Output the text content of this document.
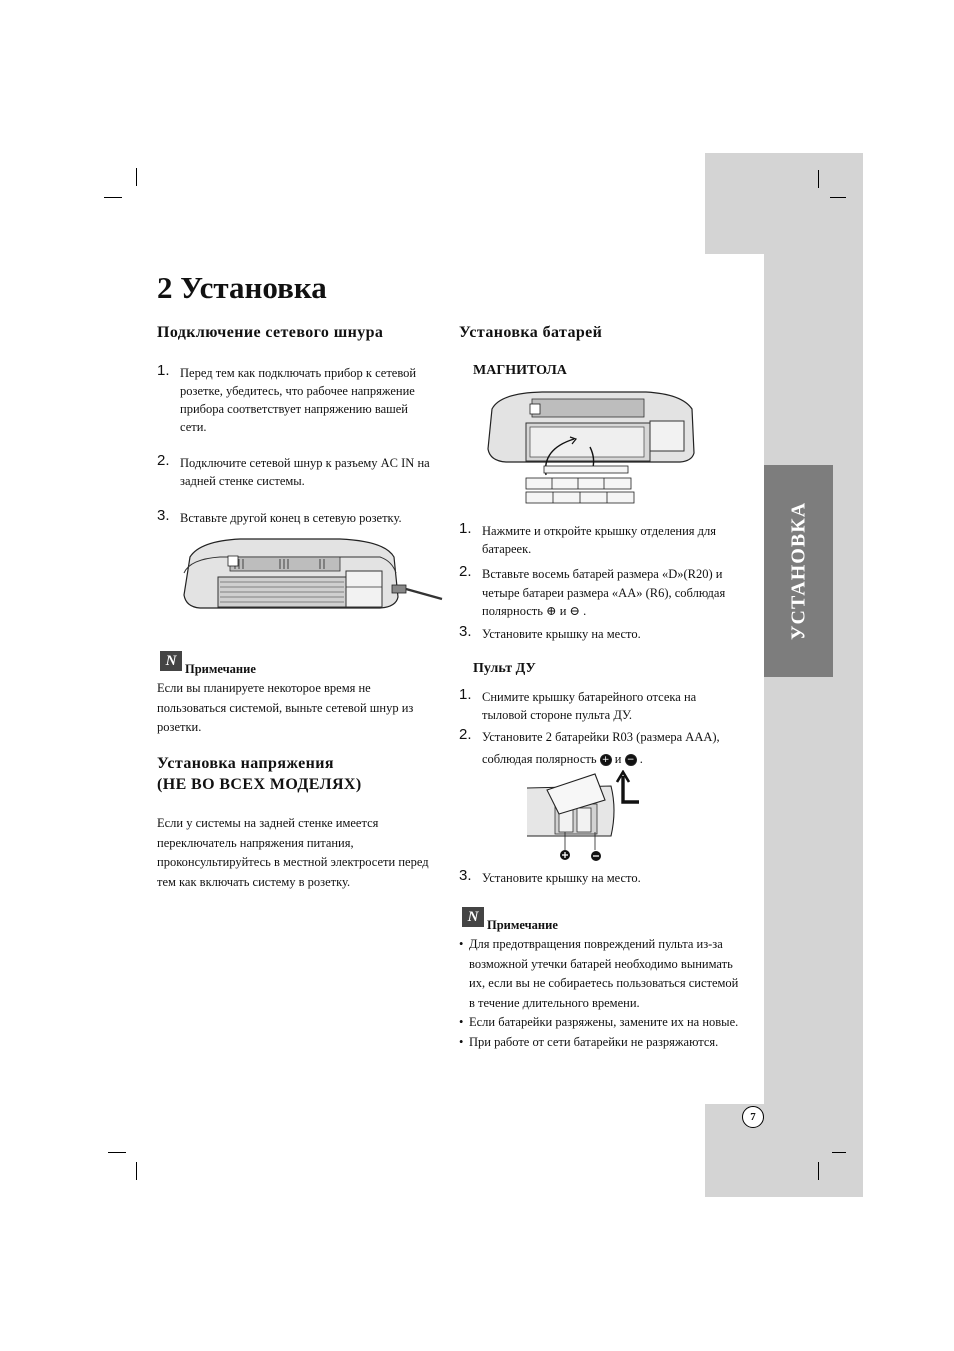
УСТАНОВКА
7
2 Установка
Подключение сетевого шнура
1. Перед тем как подключать прибор к сетевой розетке, убедитесь, что рабочее напряжение прибора соответствует напряжению вашей сети.
2. Подключите сетевой шнур к разъему AC IN на задней стенке системы.
3. Вставьте другой конец в сетевую розетку.
N Примечание
Если вы планируете некоторое время не пользоваться системой, выньте сетевой шнур из розетки.
Установка напряжения
(НЕ ВО ВСЕХ МОДЕЛЯХ)
Если у системы на задней стенке имеется переключатель напряжения питания, проконсультируйтесь в местной электросети перед тем как включать систему в розетку.
Установка батарей
МАГНИТОЛА
1. Нажмите и откройте крышку отделения для батареек.
2. Вставьте восемь батарей размера «D»(R20) и четыре батареи размера «AA» (R6), соблюдая полярность ⊕ и ⊖ .
3. Установите крышку на место.
Пульт ДУ
1. Снимите крышку батарейного отсека на тыловой стороне пульта ДУ.
2. Установите 2 батарейки R03 (размера AAA), соблюдая полярность + и − .
3. Установите крышку на место.
N Примечание
• Для предотвращения повреждений пульта из-за возможной утечки батарей необходимо вынимать их, если вы не собираетесь пользоваться системой в течение длительного времени.
• Если батарейки разряжены, замените их на новые.
• При работе от сети батарейки не разряжаются.
